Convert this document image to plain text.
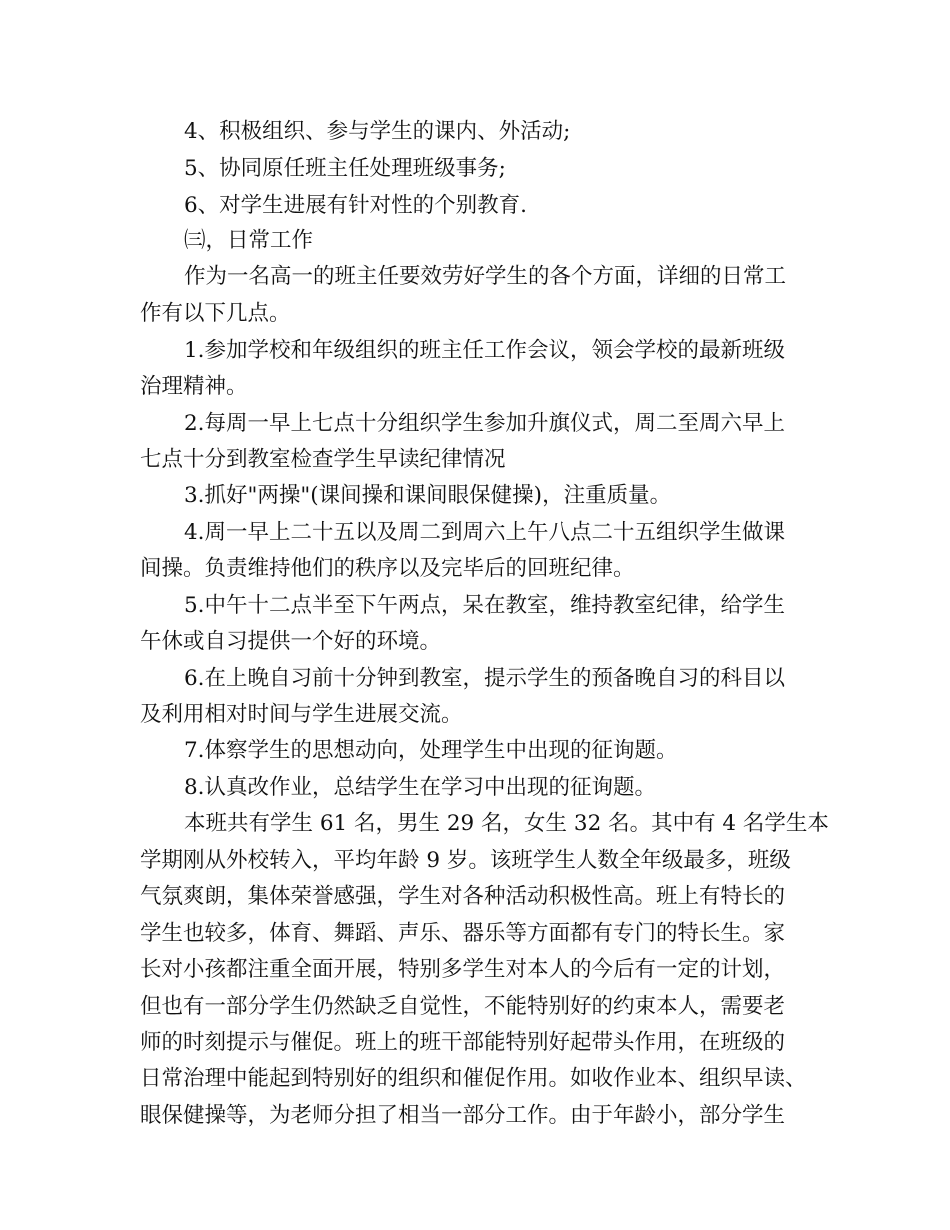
4、积极组织、参与学生的课内、外活动;
5、协同原任班主任处理班级事务;
6、对学生进展有针对性的个别教育.
㈢，日常工作
作为一名高一的班主任要效劳好学生的各个方面，详细的日常工
作有以下几点。
1.参加学校和年级组织的班主任工作会议，领会学校的最新班级
治理精神。
2.每周一早上七点十分组织学生参加升旗仪式，周二至周六早上
七点十分到教室检查学生早读纪律情况
3.抓好"两操"(课间操和课间眼保健操)，注重质量。
4.周一早上二十五以及周二到周六上午八点二十五组织学生做课
间操。负责维持他们的秩序以及完毕后的回班纪律。
5.中午十二点半至下午两点，呆在教室，维持教室纪律，给学生
午休或自习提供一个好的环境。
6.在上晚自习前十分钟到教室，提示学生的预备晚自习的科目以
及利用相对时间与学生进展交流。
7.体察学生的思想动向，处理学生中出现的征询题。
8.认真改作业，总结学生在学习中出现的征询题。
本班共有学生 61 名，男生 29 名，女生 32 名。其中有 4 名学生本
学期刚从外校转入，平均年龄 9 岁。该班学生人数全年级最多，班级
气氛爽朗，集体荣誉感强，学生对各种活动积极性高。班上有特长的
学生也较多，体育、舞蹈、声乐、器乐等方面都有专门的特长生。家
长对小孩都注重全面开展，特别多学生对本人的今后有一定的计划，
但也有一部分学生仍然缺乏自觉性，不能特别好的约束本人，需要老
师的时刻提示与催促。班上的班干部能特别好起带头作用，在班级的
日常治理中能起到特别好的组织和催促作用。如收作业本、组织早读、
眼保健操等，为老师分担了相当一部分工作。由于年龄小，部分学生
